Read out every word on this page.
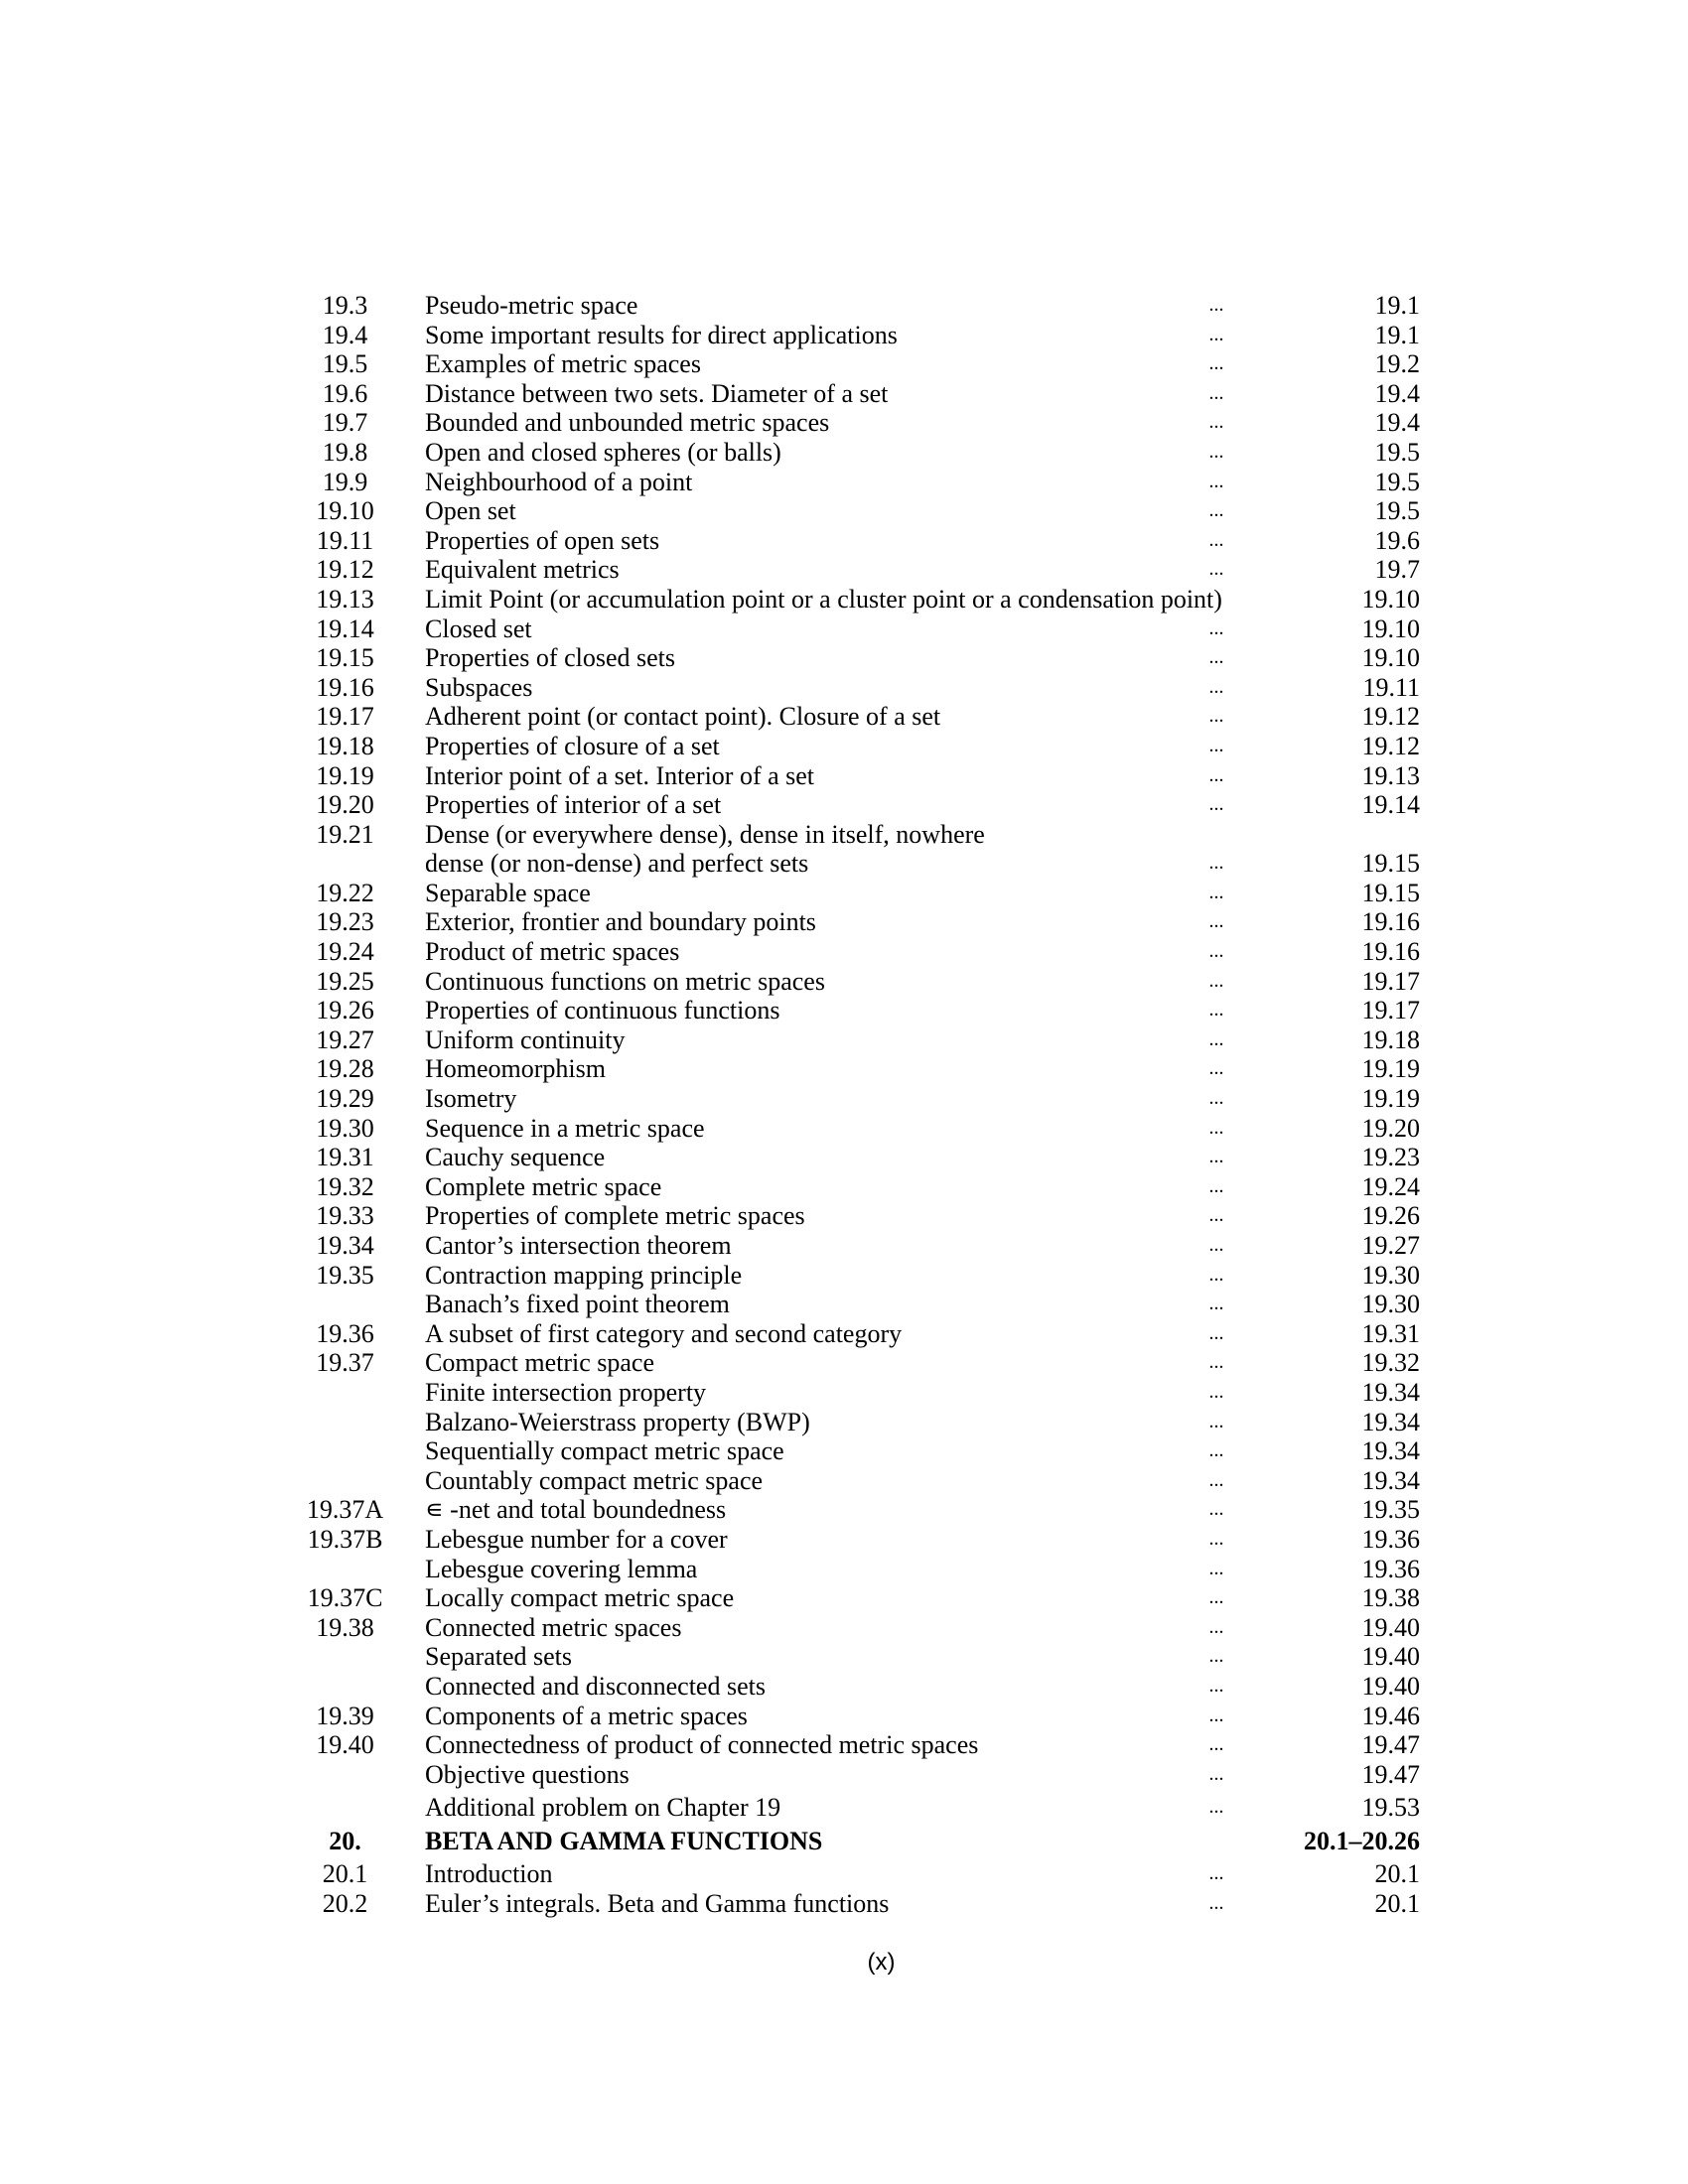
19.3	Pseudo-metric space	...	19.1
19.4	Some important results for direct applications	...	19.1
19.5	Examples of metric spaces	...	19.2
19.6	Distance between two sets. Diameter of a set	...	19.4
19.7	Bounded and unbounded metric spaces	...	19.4
19.8	Open and closed spheres (or balls)	...	19.5
19.9	Neighbourhood of a point	...	19.5
19.10	Open set	...	19.5
19.11	Properties of open sets	...	19.6
19.12	Equivalent metrics	...	19.7
19.13	Limit Point (or accumulation point or a cluster point or a condensation point)	19.10
19.14	Closed set	...	19.10
19.15	Properties of closed sets	...	19.10
19.16	Subspaces	...	19.11
19.17	Adherent point (or contact point). Closure of a set	...	19.12
19.18	Properties of closure of a set	...	19.12
19.19	Interior point of a set. Interior of a set	...	19.13
19.20	Properties of interior of a set	...	19.14
19.21	Dense (or everywhere dense), dense in itself, nowhere
dense (or non-dense) and perfect sets	...	19.15
19.22	Separable space	...	19.15
19.23	Exterior, frontier and boundary points	...	19.16
19.24	Product of metric spaces	...	19.16
19.25	Continuous functions on metric spaces	...	19.17
19.26	Properties of continuous functions	...	19.17
19.27	Uniform continuity	...	19.18
19.28	Homeomorphism	...	19.19
19.29	Isometry	...	19.19
19.30	Sequence in a metric space	...	19.20
19.31	Cauchy sequence	...	19.23
19.32	Complete metric space	...	19.24
19.33	Properties of complete metric spaces	...	19.26
19.34	Cantor’s intersection theorem	...	19.27
19.35	Contraction mapping principle	...	19.30
Banach’s fixed point theorem	...	19.30
19.36	A subset of first category and second category	...	19.31
19.37	Compact metric space	...	19.32
Finite intersection property	...	19.34
Balzano-Weierstrass property (BWP)	...	19.34
Sequentially compact metric space	...	19.34
Countably compact metric space	...	19.34
19.37A	∊ -net and total boundedness	...	19.35
19.37B	Lebesgue number for a cover	...	19.36
Lebesgue covering lemma	...	19.36
19.37C	Locally compact metric space	...	19.38
19.38	Connected metric spaces	...	19.40
Separated sets	...	19.40
Connected and disconnected sets	...	19.40
19.39	Components of a metric spaces	...	19.46
19.40	Connectedness of product of connected metric spaces	...	19.47
Objective questions	...	19.47
Additional problem on Chapter 19	...	19.53
20.	BETA AND GAMMA FUNCTIONS	20.1–20.26
20.1	Introduction	...	20.1
20.2	Euler’s integrals. Beta and Gamma functions	...	20.1
(x)
